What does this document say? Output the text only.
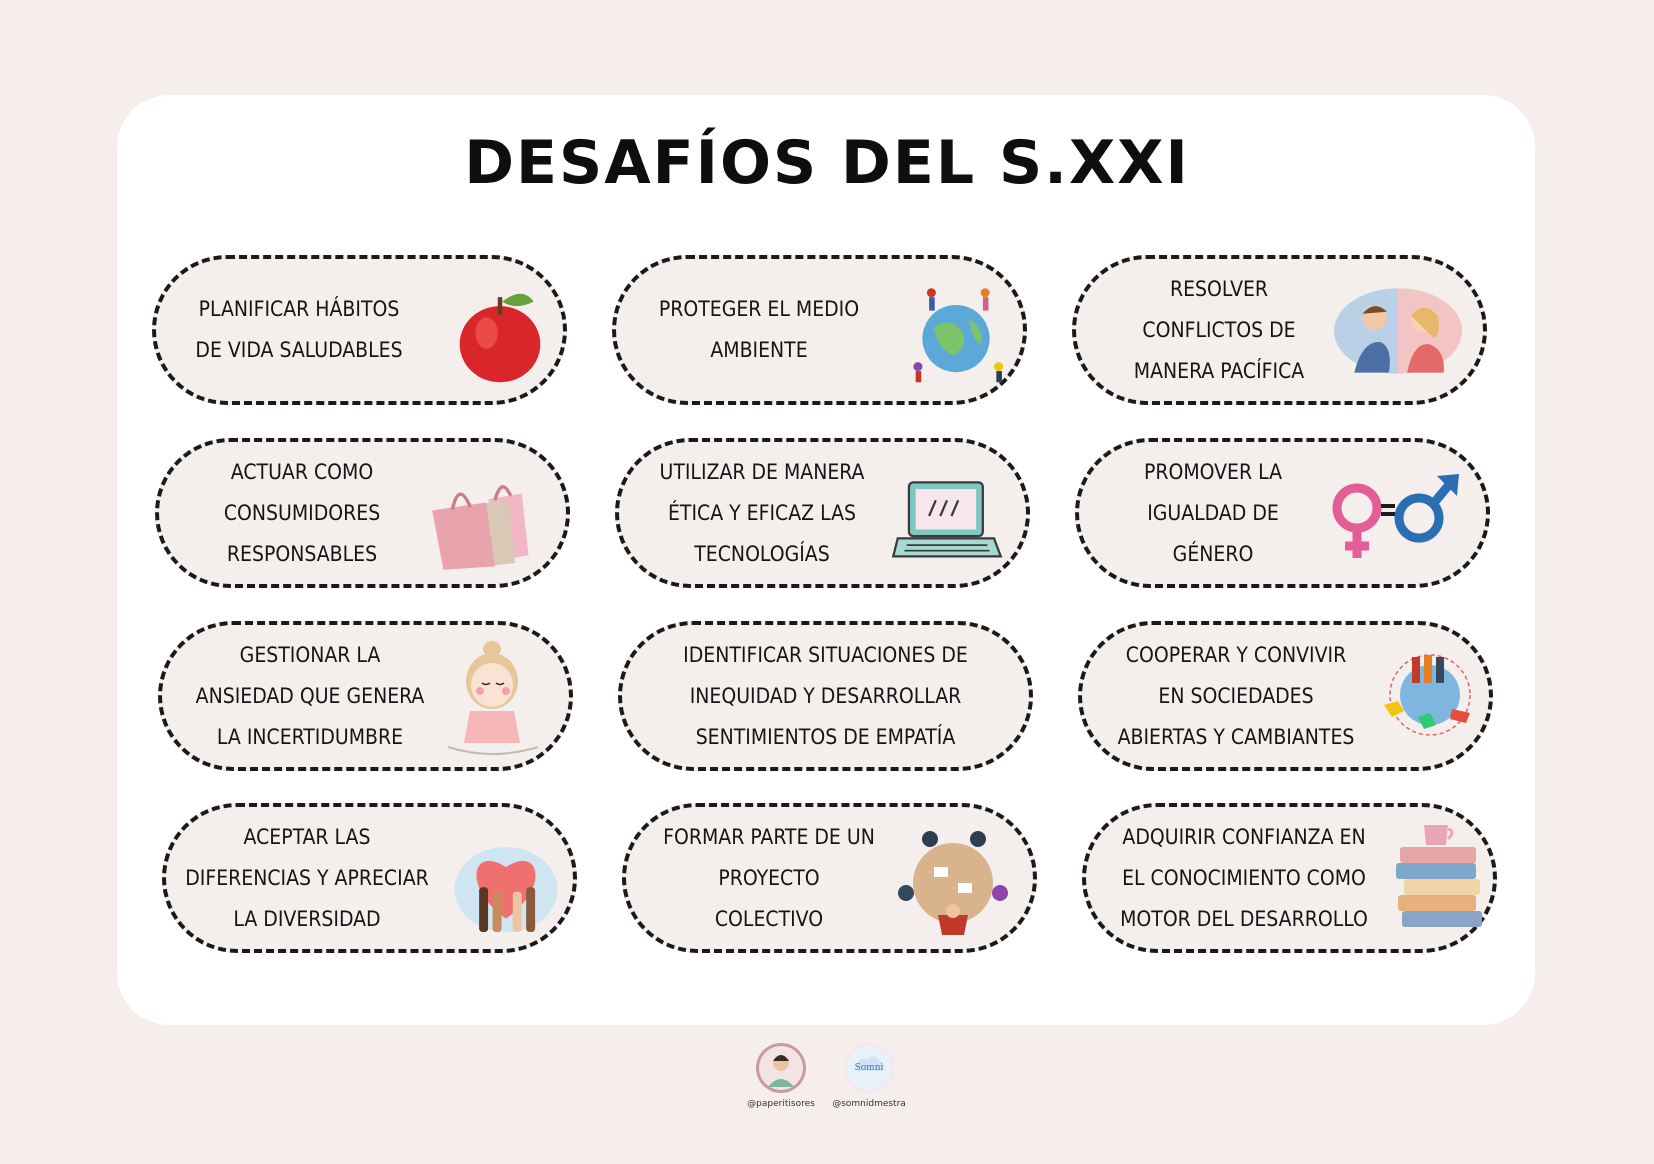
DESAFÍOS DEL S.XXI
PLANIFICAR HÁBITOS
DE VIDA SALUDABLES
PROTEGER EL MEDIO
AMBIENTE
RESOLVER
CONFLICTOS DE
MANERA PACÍFICA
ACTUAR COMO
CONSUMIDORES
RESPONSABLES
UTILIZAR DE MANERA
ÉTICA Y EFICAZ LAS
TECNOLOGÍAS
PROMOVER LA
IGUALDAD DE
GÉNERO
GESTIONAR LA
ANSIEDAD QUE GENERA
LA INCERTIDUMBRE
IDENTIFICAR SITUACIONES DE
INEQUIDAD Y DESARROLLAR
SENTIMIENTOS DE EMPATÍA
COOPERAR Y CONVIVIR
EN SOCIEDADES
ABIERTAS Y CAMBIANTES
ACEPTAR LAS
DIFERENCIAS Y APRECIAR
LA DIVERSIDAD
FORMAR PARTE DE UN
PROYECTO
COLECTIVO
ADQUIRIR CONFIANZA EN
EL CONOCIMIENTO COMO
MOTOR DEL DESARROLLO
Somni
@paperitisores	@somnidmestra
